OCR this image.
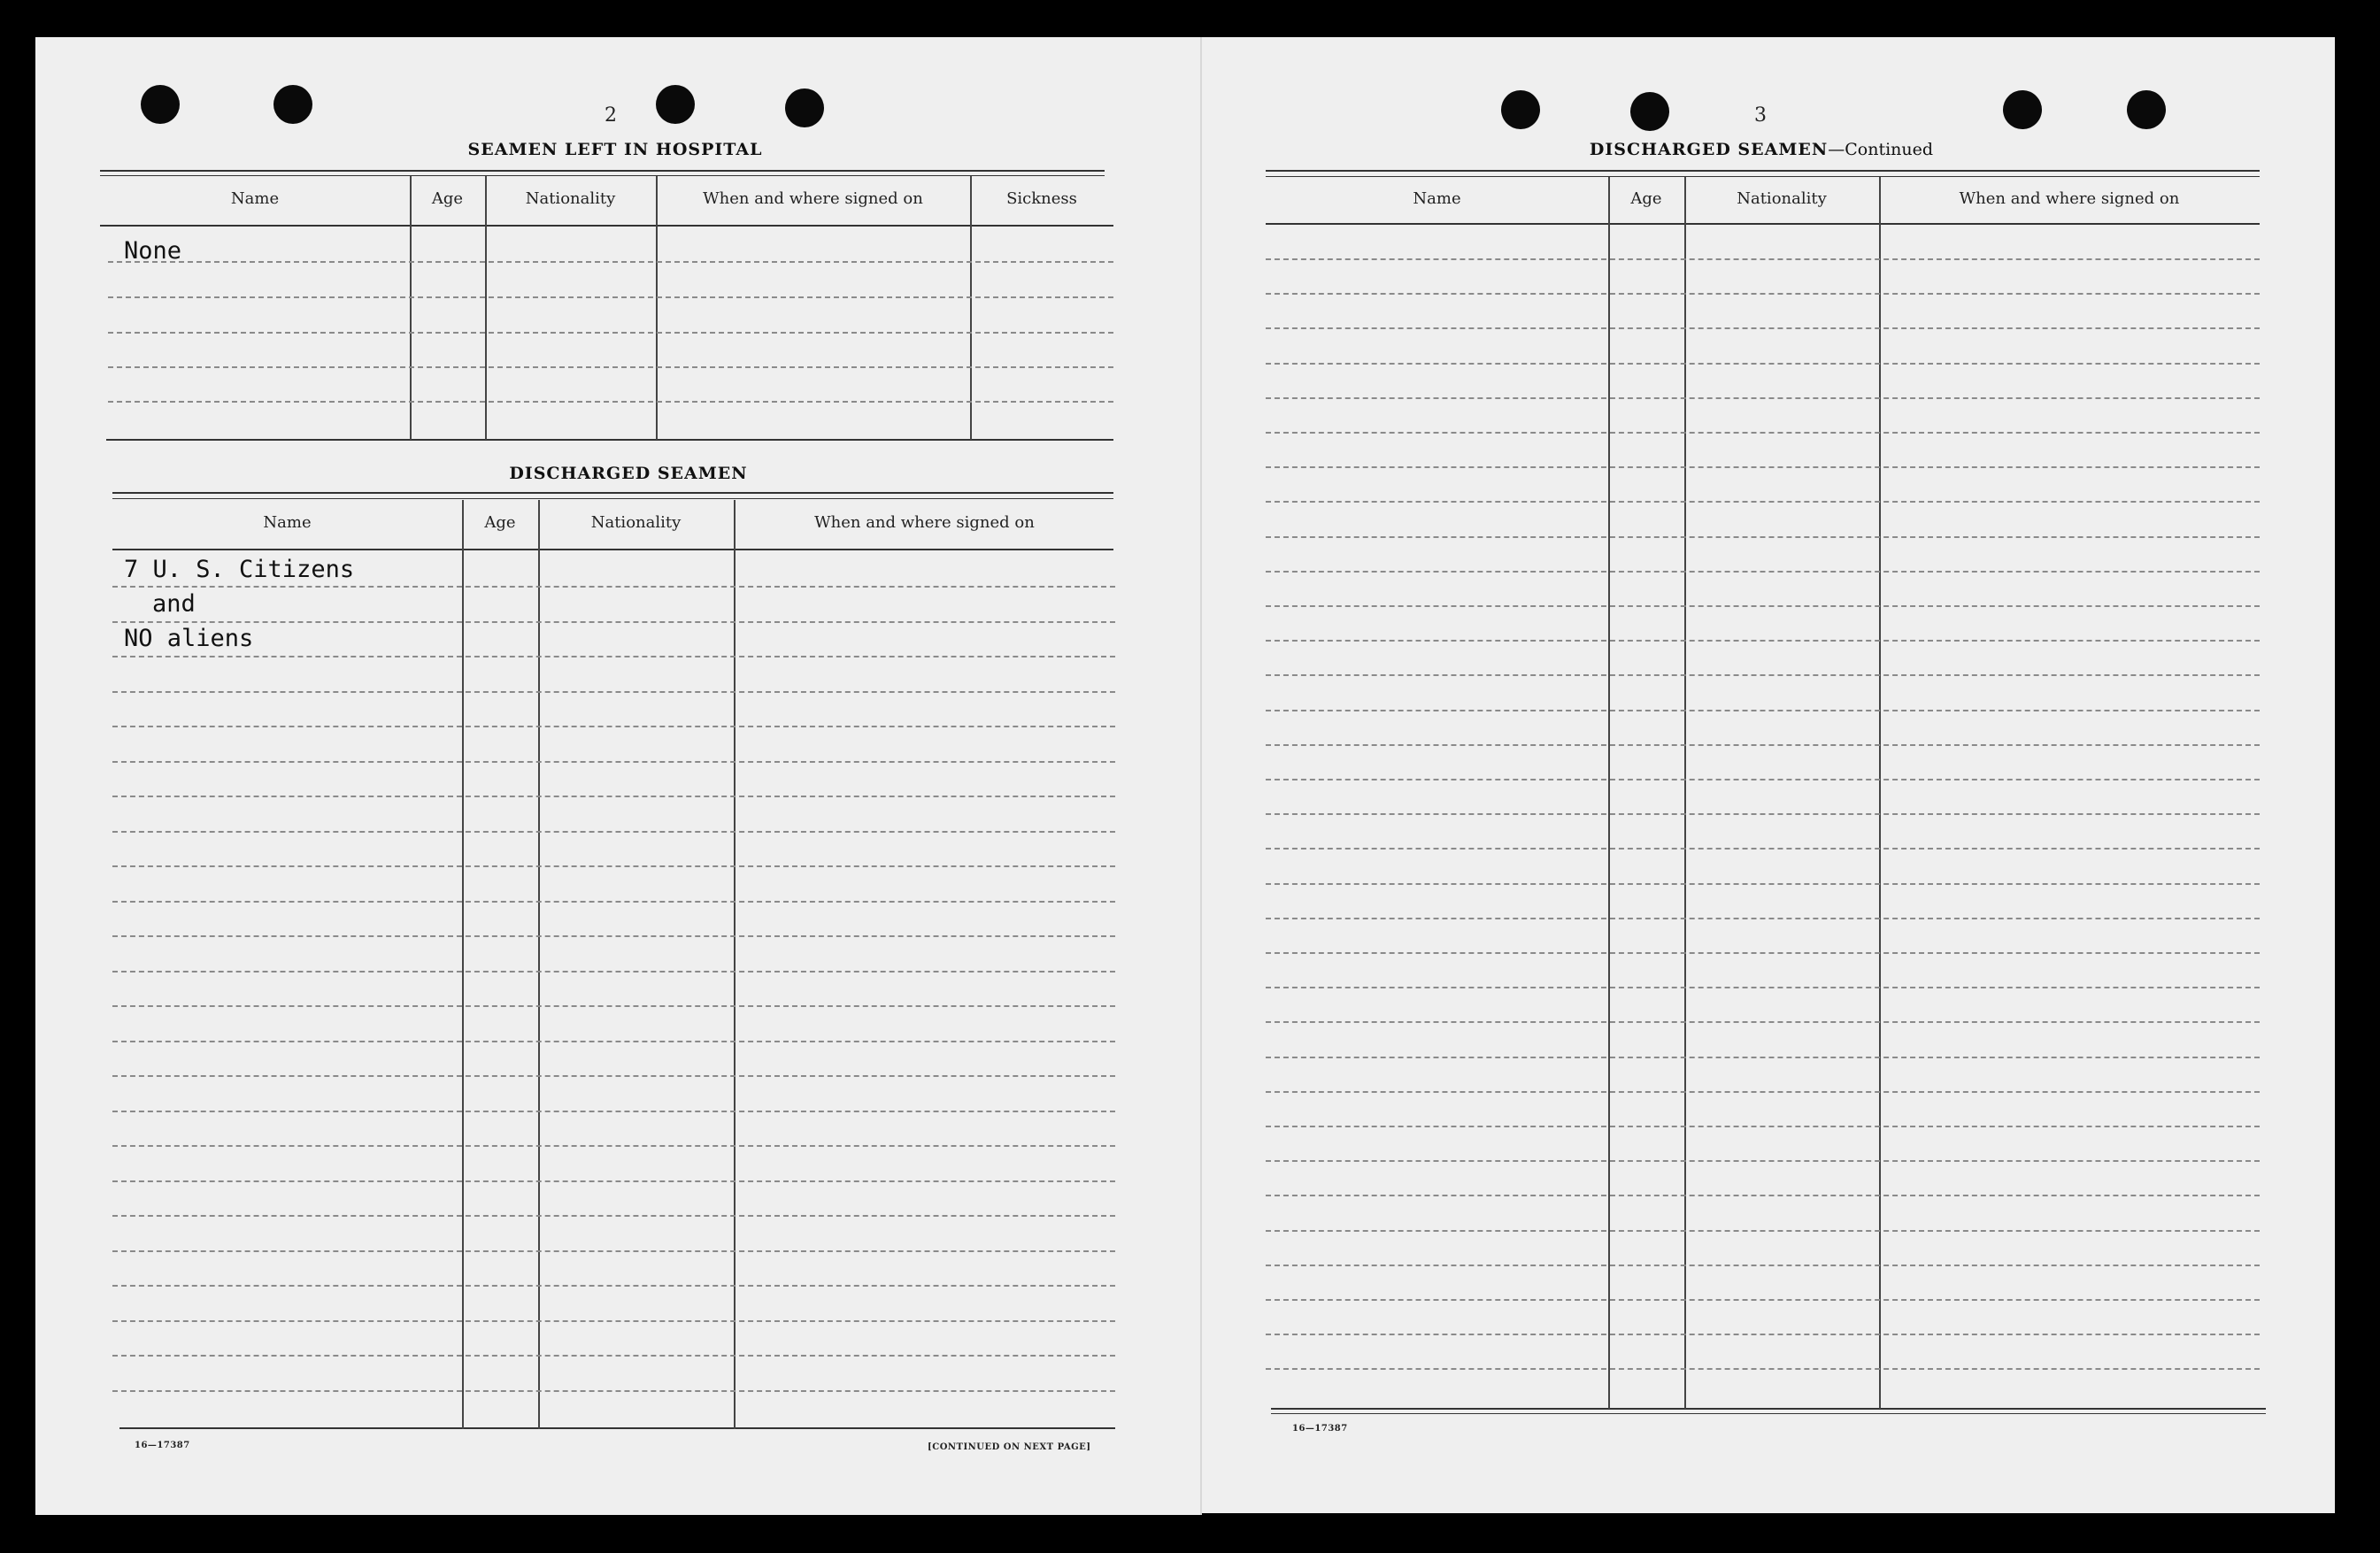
2
SEAMEN LEFT IN HOSPITAL
Name	Age	Nationality	When and where signed on	Sickness
None
DISCHARGED SEAMEN
Name	Age	Nationality	When and where signed on
7 U. S. Citizens
and
NO aliens
16—17387	[CONTINUED ON NEXT PAGE]
3
DISCHARGED SEAMEN—Continued
Name	Age	Nationality	When and where signed on
16—17387
